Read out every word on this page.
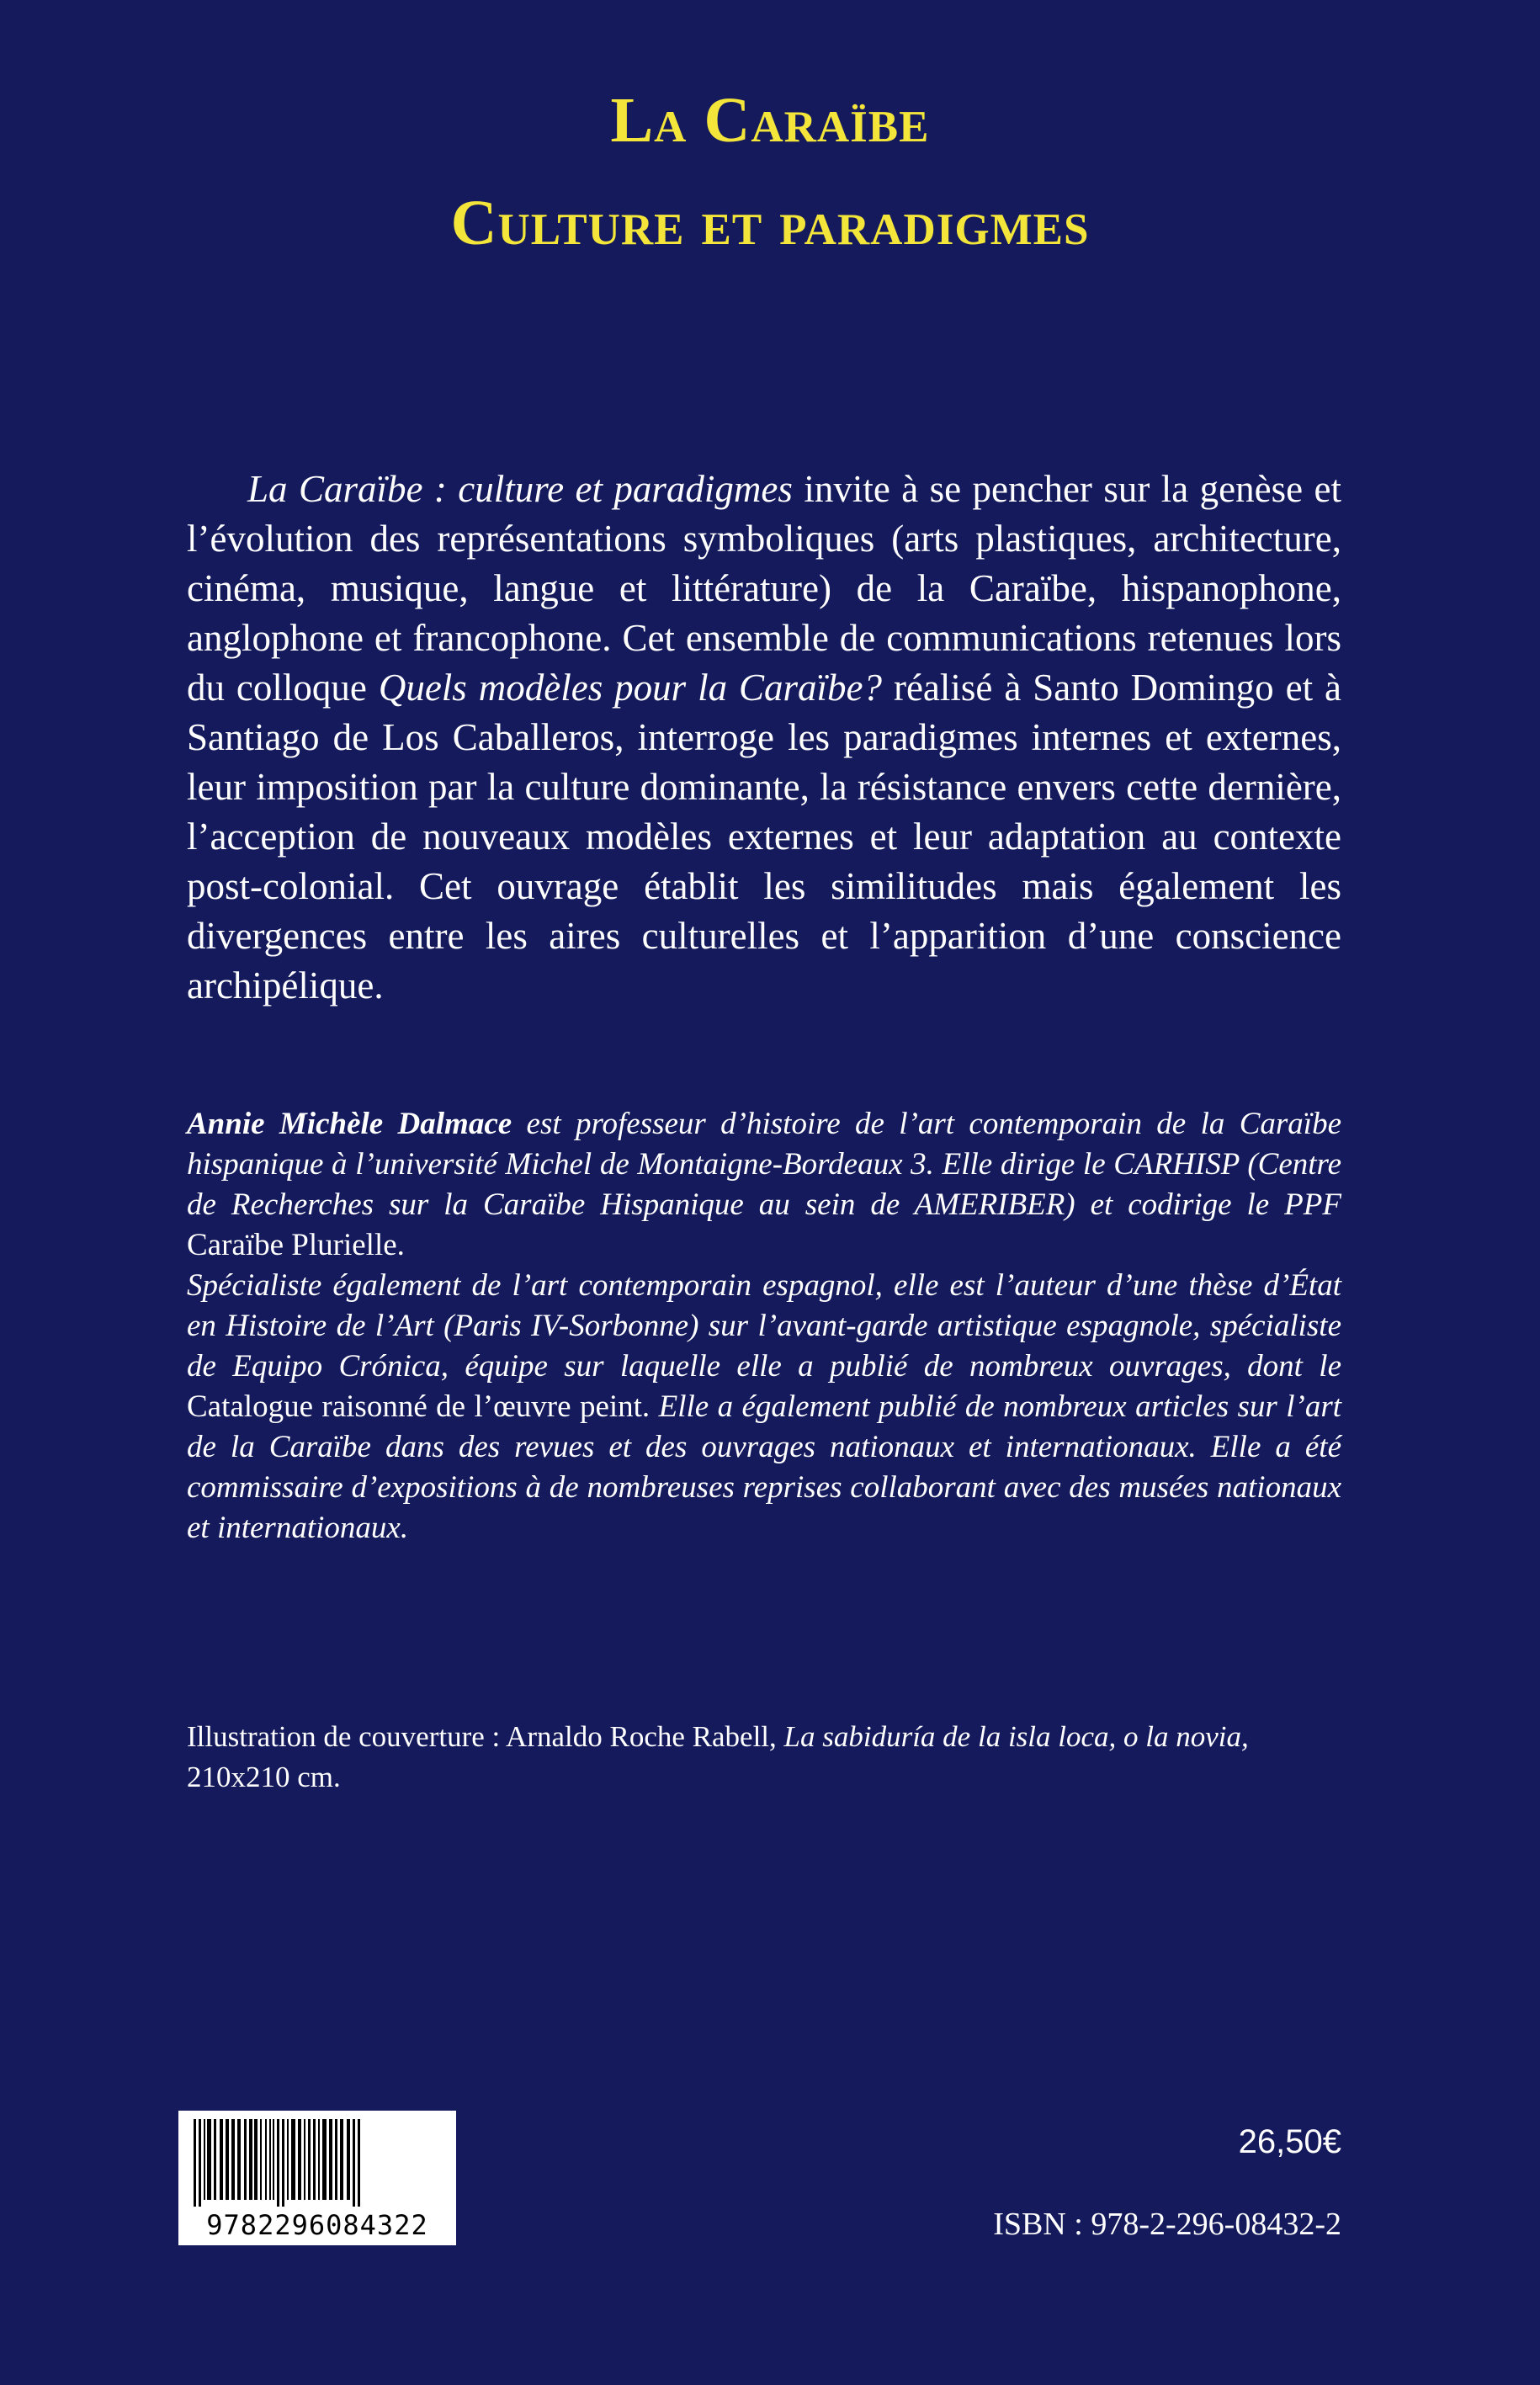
La Caraïbe
Culture et paradigmes

La Caraïbe : culture et paradigmes invite à se pencher sur la genèse et l’évolution des représentations symboliques (arts plastiques, architecture, cinéma, musique, langue et littérature) de la Caraïbe, hispanophone, anglophone et francophone. Cet ensemble de communications retenues lors du colloque Quels modèles pour la Caraïbe? réalisé à Santo Domingo et à Santiago de Los Caballeros, interroge les paradigmes internes et externes, leur imposition par la culture dominante, la résistance envers cette dernière, l’acception de nouveaux modèles externes et leur adaptation au contexte post-colonial. Cet ouvrage établit les similitudes mais également les divergences entre les aires culturelles et l’apparition d’une conscience archipélique.

Annie Michèle Dalmace est professeur d’histoire de l’art contemporain de la Caraïbe hispanique à l’université Michel de Montaigne-Bordeaux 3. Elle dirige le CARHISP (Centre de Recherches sur la Caraïbe Hispanique au sein de AMERIBER) et codirige le PPF Caraïbe Plurielle.

Spécialiste également de l’art contemporain espagnol, elle est l’auteur d’une thèse d’État en Histoire de l’Art (Paris IV-Sorbonne) sur l’avant-garde artistique espagnole, spécialiste de Equipo Crónica, équipe sur laquelle elle a publié de nombreux ouvrages, dont le Catalogue raisonné de l’œuvre peint. Elle a également publié de nombreux articles sur l’art de la Caraïbe dans des revues et des ouvrages nationaux et internationaux. Elle a été commissaire d’expositions à de nombreuses reprises collaborant avec des musées nationaux et internationaux.

Illustration de couverture : Arnaldo Roche Rabell, La sabiduría de la isla loca, o la novia, 210x210 cm.

9782296084322
26,50€
ISBN : 978-2-296-08432-2
